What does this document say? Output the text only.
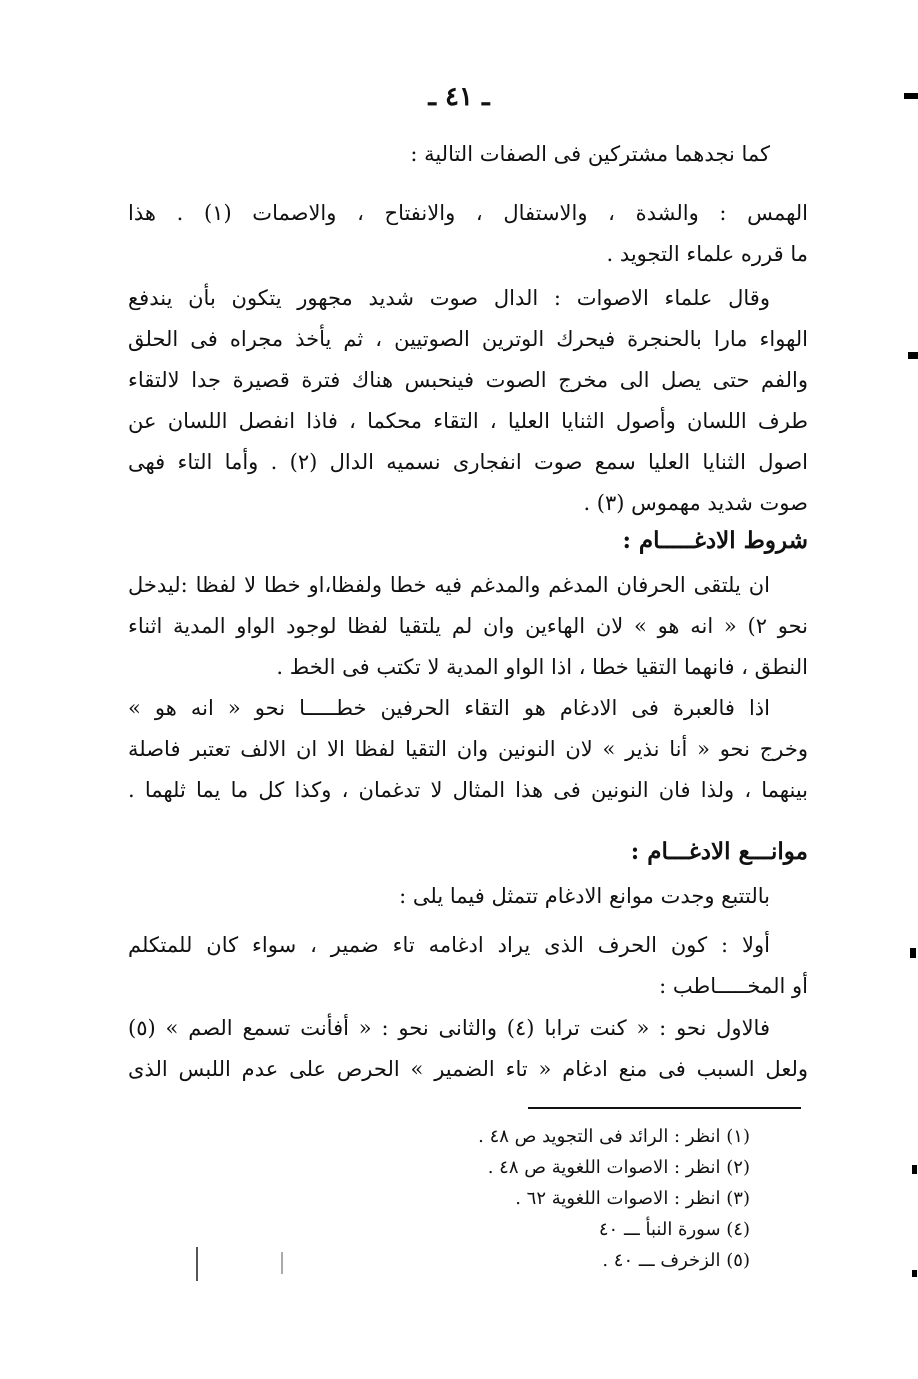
ـ ٤١ ـ
كما نجدهما مشتركين فى الصفات التالية :
الهمس : والشدة ، والاستفال ، والانفتاح ، والاصمات (١) . هذا
ما قرره علماء التجويد .
وقال علماء الاصوات : الدال صوت شديد مجهور يتكون بأن يندفع
الهواء مارا بالحنجرة فيحرك الوترين الصوتيين ، ثم يأخذ مجراه فى الحلق
والفم حتى يصل الى مخرج الصوت فينحبس هناك فترة قصيرة جدا لالتقاء
طرف اللسان وأصول الثنايا العليا ، التقاء محكما ، فاذا انفصل اللسان عن
اصول الثنايا العليا سمع صوت انفجارى نسميه الدال (٢) . وأما التاء فهى
صوت شديد مهموس (٣) .
شروط الادغـــــام :
ان يلتقى الحرفان المدغم والمدغم فيه خطا ولفظا،او خطا لا لفظا :ليدخل
نحو ٢) « انه هو » لان الهاءين وان لم يلتقيا لفظا لوجود الواو المدية اثناء
النطق ، فانهما التقيا خطا ، اذا الواو المدية لا تكتب فى الخط .
اذا فالعبرة فى الادغام هو التقاء الحرفين خطـــــا نحو « انه هو »
وخرج نحو « أنا نذير » لان النونين وان التقيا لفظا الا ان الالف تعتبر فاصلة
بينهما ، ولذا فان النونين فى هذا المثال لا تدغمان ، وكذا كل ما يما ثلهما .
موانـــع الادغـــام :
بالتتبع وجدت موانع الادغام تتمثل فيما يلى :
أولا : كون الحرف الذى يراد ادغامه تاء ضمير ، سواء كان للمتكلم
أو المخـــــاطب :
فالاول نحو : « كنت ترابا (٤) والثانى نحو : « أفأنت تسمع الصم » (٥)
ولعل السبب فى منع ادغام « تاء الضمير » الحرص على عدم اللبس الذى
(١) انظر : الرائد فى التجويد ص ٤٨ .
(٢) انظر : الاصوات اللغوية ص ٤٨ .
(٣) انظر : الاصوات اللغوية ٦٢ .
(٤) سورة النبأ ـــ ٤٠
(٥) الزخرف ـــ ٤٠ .
